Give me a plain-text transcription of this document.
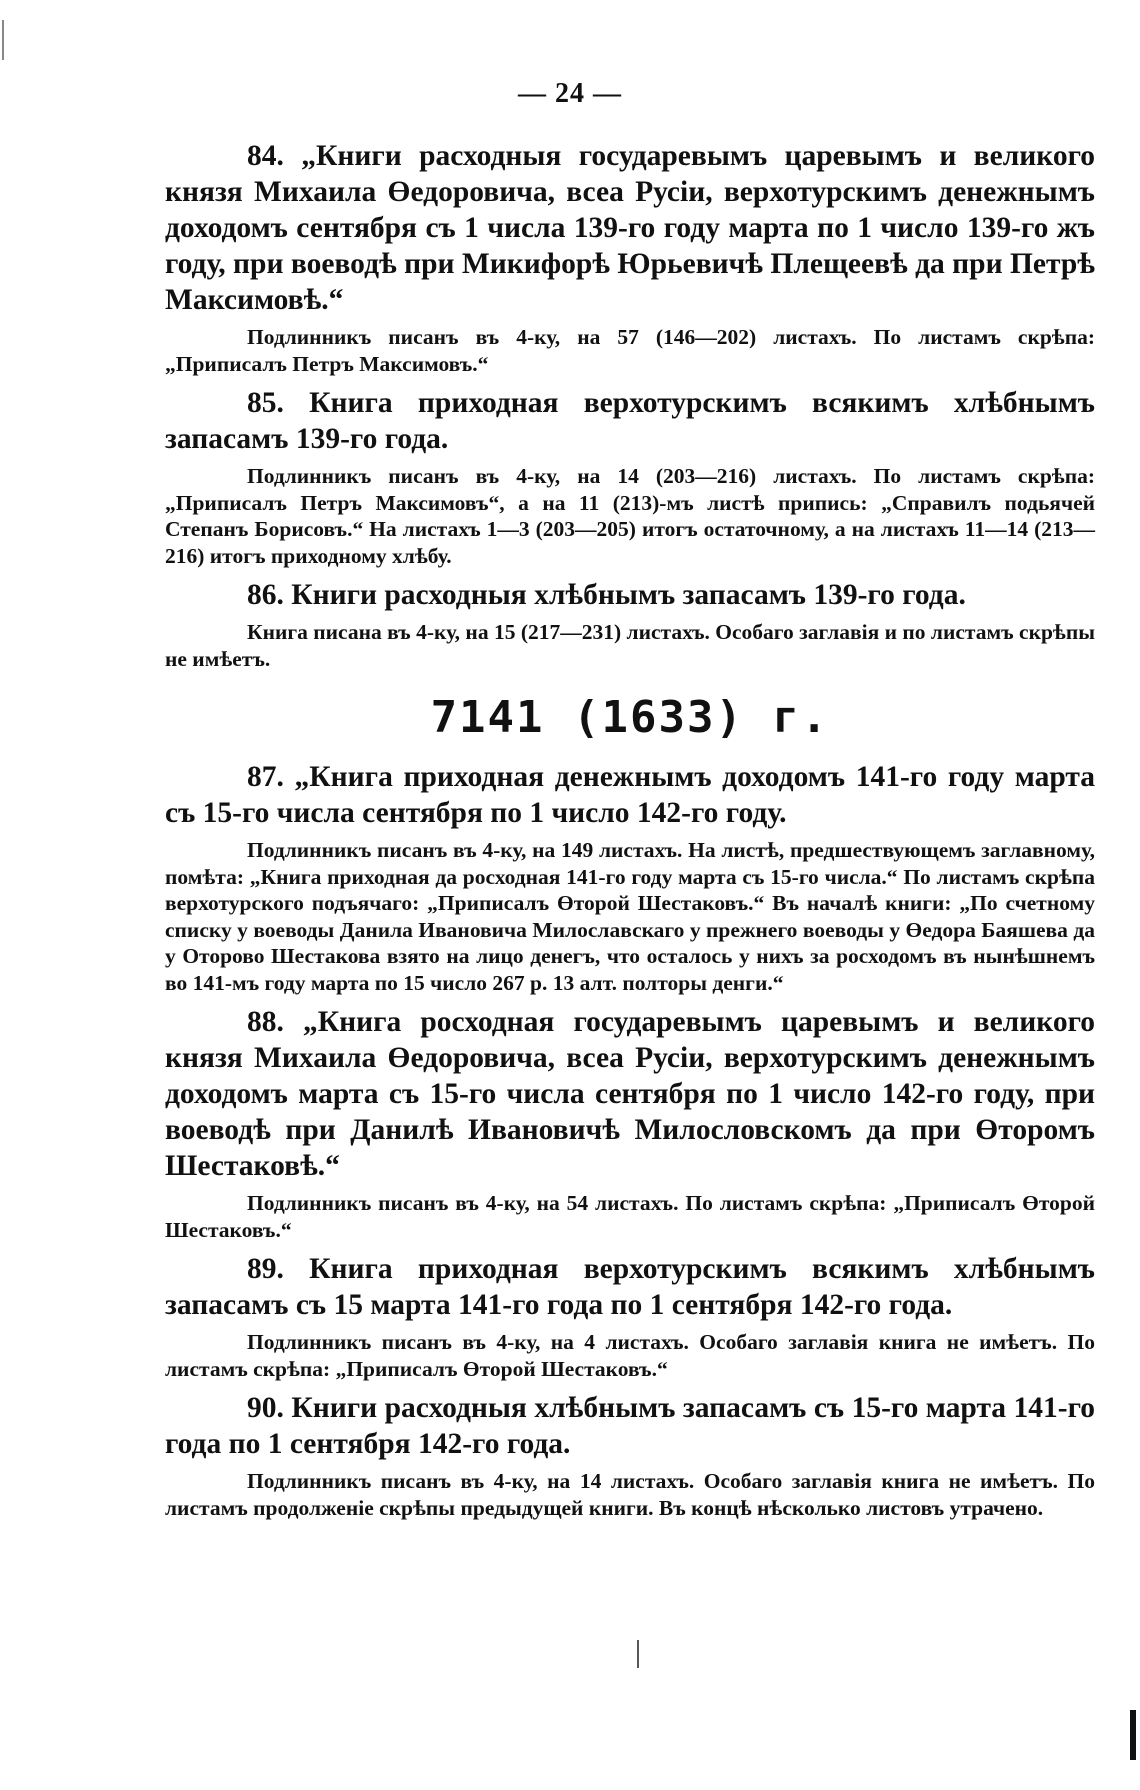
— 24 —

84. „Книги расходныя государевымъ царевымъ и великого князя Михаила Өедоровича, всеа Русіи, верхотурскимъ денежнымъ доходомъ сентября съ 1 числа 139-го году марта по 1 число 139-го жъ году, при воеводѣ при Микифорѣ Юрьевичѣ Плещеевѣ да при Петрѣ Максимовѣ.“

Подлинникъ писанъ въ 4-ку, на 57 (146—202) листахъ. По листамъ скрѣпа: „Приписалъ Петръ Максимовъ.“

85. Книга приходная верхотурскимъ всякимъ хлѣбнымъ запасамъ 139-го года.

Подлинникъ писанъ въ 4-ку, на 14 (203—216) листахъ. По листамъ скрѣпа: „Приписалъ Петръ Максимовъ“, а на 11 (213)-мъ листѣ припись: „Справилъ подьячей Степанъ Борисовъ.“ На листахъ 1—3 (203—205) итогъ остаточному, а на листахъ 11—14 (213—216) итогъ приходному хлѣбу.

86. Книги расходныя хлѣбнымъ запасамъ 139-го года.

Книга писана въ 4-ку, на 15 (217—231) листахъ. Особаго заглавія и по листамъ скрѣпы не имѣетъ.

7141 (1633) г.

87. „Книга приходная денежнымъ доходомъ 141-го году марта съ 15-го числа сентября по 1 число 142-го году.

Подлинникъ писанъ въ 4-ку, на 149 листахъ. На листѣ, предшествующемъ заглавному, помѣта: „Книга приходная да росходная 141-го году марта съ 15-го числа.“ По листамъ скрѣпа верхотурского подъячаго: „Приписалъ Өторой Шестаковъ.“ Въ началѣ книги: „По счетному списку у воеводы Данила Ивановича Милославскаго у прежнего воеводы у Өедора Баяшева да у Оторово Шестакова взято на лицо денегъ, что осталось у нихъ за росходомъ въ нынѣшнемъ во 141-мъ году марта по 15 число 267 р. 13 алт. полторы денги.“

88. „Книга росходная государевымъ царевымъ и великого князя Михаила Өедоровича, всеа Русіи, верхотурскимъ денежнымъ доходомъ марта съ 15-го числа сентября по 1 число 142-го году, при воеводѣ при Данилѣ Ивановичѣ Милословскомъ да при Өторомъ Шестаковѣ.“

Подлинникъ писанъ въ 4-ку, на 54 листахъ. По листамъ скрѣпа: „Приписалъ Өторой Шестаковъ.“

89. Книга приходная верхотурскимъ всякимъ хлѣбнымъ запасамъ съ 15 марта 141-го года по 1 сентября 142-го года.

Подлинникъ писанъ въ 4-ку, на 4 листахъ. Особаго заглавія книга не имѣетъ. По листамъ скрѣпа: „Приписалъ Өторой Шестаковъ.“

90. Книги расходныя хлѣбнымъ запасамъ съ 15-го марта 141-го года по 1 сентября 142-го года.

Подлинникъ писанъ въ 4-ку, на 14 листахъ. Особаго заглавія книга не имѣетъ. По листамъ продолженіе скрѣпы предыдущей книги. Въ концѣ нѣсколько листовъ утрачено.
